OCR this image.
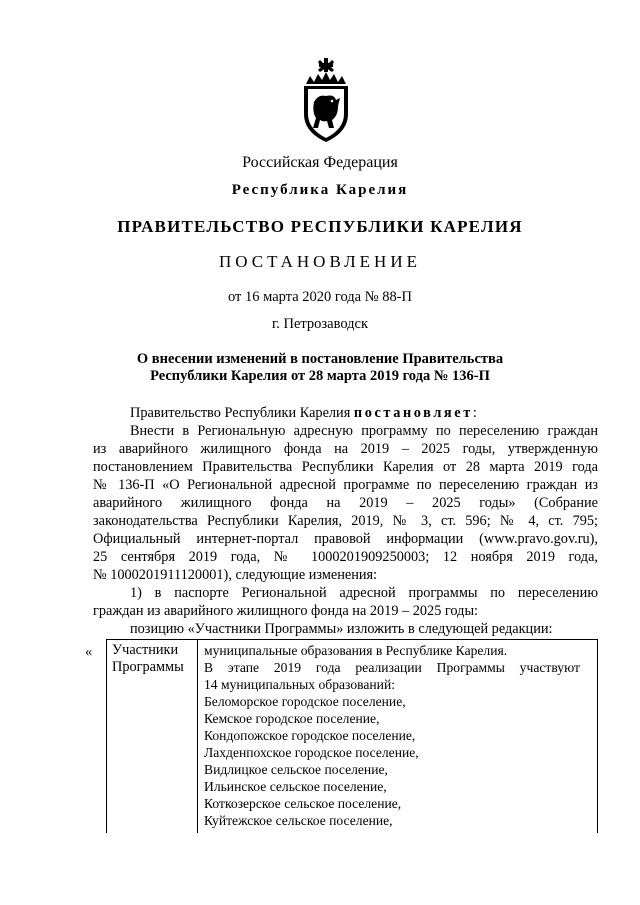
Российская Федерация
Республика Карелия
ПРАВИТЕЛЬСТВО РЕСПУБЛИКИ КАРЕЛИЯ
ПОСТАНОВЛЕНИЕ
от 16 марта 2020 года № 88-П
г. Петрозаводск
О внесении изменений в постановление Правительства
Республики Карелия от 28 марта 2019 года № 136-П
Правительство Республики Карелия постановляет:
Внести в Региональную адресную программу по переселению граждан
из аварийного жилищного фонда на 2019 – 2025 годы, утвержденную
постановлением Правительства Республики Карелия от 28 марта 2019 года
№ 136-П «О Региональной адресной программе по переселению граждан из
аварийного жилищного фонда на 2019 – 2025 годы» (Собрание
законодательства Республики Карелия, 2019, № 3, ст. 596; № 4, ст. 795;
Официальный интернет-портал правовой информации (www.pravo.gov.ru),
25 сентября 2019 года, № 1000201909250003; 12 ноября 2019 года,
№ 1000201911120001), следующие изменения:
1) в паспорте Региональной адресной программы по переселению
граждан из аварийного жилищного фонда на 2019 – 2025 годы:
позицию «Участники Программы» изложить в следующей редакции:
« Участники
Программы
муниципальные образования в Республике Карелия.
В этапе 2019 года реализации Программы участвуют
14 муниципальных образований:
Беломорское городское поселение,
Кемское городское поселение,
Кондопожское городское поселение,
Лахденпохское городское поселение,
Видлицкое сельское поселение,
Ильинское сельское поселение,
Коткозерское сельское поселение,
Куйтежское сельское поселение,
